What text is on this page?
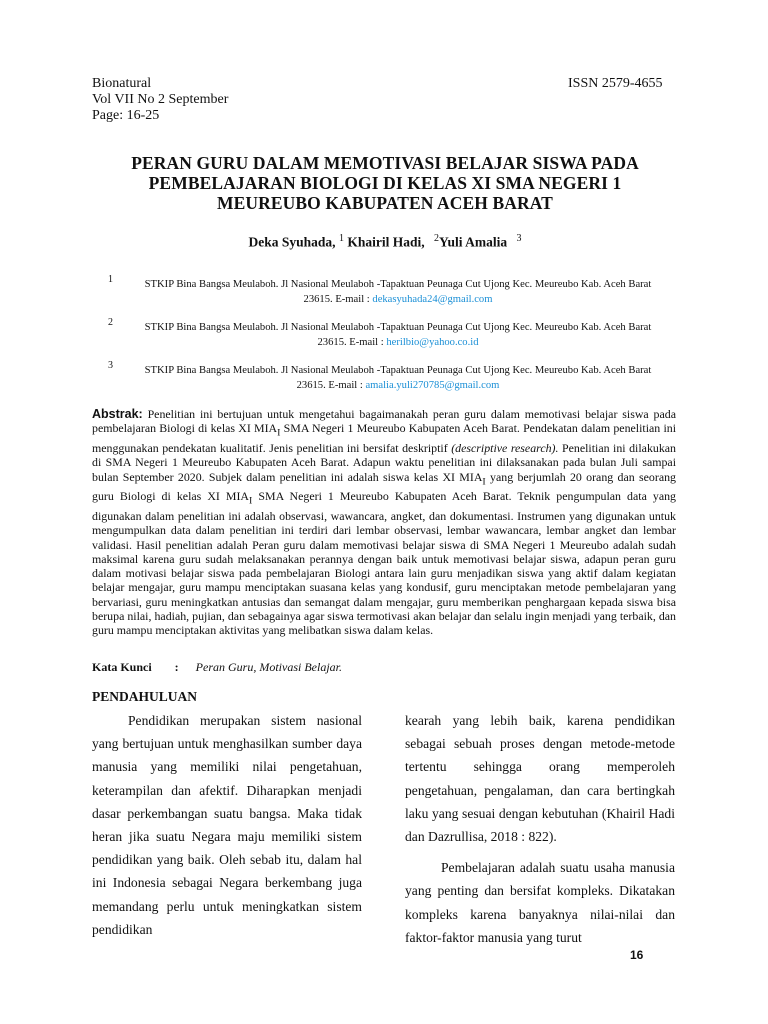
Bionatural
Vol VII No 2 September
Page: 16-25
ISSN 2579-4655
PERAN GURU DALAM MEMOTIVASI BELAJAR SISWA PADA
PEMBELAJARAN BIOLOGI DI KELAS XI SMA NEGERI 1
MEUREUBO KABUPATEN ACEH BARAT
Deka Syuhada, $^1$ Khairil Hadi, $^2$Yuli Amalia $^3$
1	STKIP Bina Bangsa Meulaboh. Jl Nasional Meulaboh -Tapaktuan Peunaga Cut Ujong Kec. Meureubo Kab. Aceh Barat
23615. E-mail : dekasyuhada24@gmail.com
2	STKIP Bina Bangsa Meulaboh. Jl Nasional Meulaboh -Tapaktuan Peunaga Cut Ujong Kec. Meureubo Kab. Aceh Barat
23615. E-mail : herilbio@yahoo.co.id
3	STKIP Bina Bangsa Meulaboh. Jl Nasional Meulaboh -Tapaktuan Peunaga Cut Ujong Kec. Meureubo Kab. Aceh Barat
23615. E-mail : amalia.yuli270785@gmail.com
Abstrak: Penelitian ini bertujuan untuk mengetahui bagaimanakah peran guru dalam memotivasi belajar siswa pada pembelajaran Biologi di kelas XI $MIA_I$ SMA Negeri 1 Meureubo Kabupaten Aceh Barat. Pendekatan dalam penelitian ini menggunakan pendekatan kualitatif. Jenis penelitian ini bersifat deskriptif (descriptive research). Penelitian ini dilakukan di SMA Negeri 1 Meureubo Kabupaten Aceh Barat. Adapun waktu penelitian ini dilaksanakan pada bulan Juli sampai bulan September 2020. Subjek dalam penelitian ini adalah siswa kelas XI $MIA_I$ yang berjumlah 20 orang dan seorang guru Biologi di kelas XI $MIA_I$ SMA Negeri 1 Meureubo Kabupaten Aceh Barat. Teknik pengumpulan data yang digunakan dalam penelitian ini adalah observasi, wawancara, angket, dan dokumentasi. Instrumen yang digunakan untuk mengumpulkan data dalam penelitian ini terdiri dari lembar observasi, lembar wawancara, lembar angket dan lembar validasi. Hasil penelitian adalah Peran guru dalam memotivasi belajar siswa di SMA Negeri 1 Meureubo adalah sudah maksimal karena guru sudah melaksanakan perannya dengan baik untuk memotivasi belajar siswa, adapun peran guru dalam motivasi belajar siswa pada pembelajaran Biologi antara lain guru menjadikan siswa yang aktif dalam kegiatan belajar mengajar, guru mampu menciptakan suasana kelas yang kondusif, guru menciptakan metode pembelajaran yang bervariasi, guru meningkatkan antusias dan semangat dalam mengajar, guru memberikan penghargaan kepada siswa bisa berupa nilai, hadiah, pujian, dan sebagainya agar siswa termotivasi akan belajar dan selalu ingin menjadi yang terbaik, dan guru mampu menciptakan aktivitas yang melibatkan siswa dalam kelas.
Kata Kunci : Peran Guru, Motivasi Belajar.
PENDAHULUAN

Pendidikan merupakan sistem nasional yang bertujuan untuk menghasilkan sumber daya manusia yang memiliki nilai pengetahuan, keterampilan dan afektif. Diharapkan menjadi dasar perkembangan suatu bangsa. Maka tidak heran jika suatu Negara maju memiliki sistem pendidikan yang baik. Oleh sebab itu, dalam hal ini Indonesia sebagai Negara berkembang juga memandang perlu untuk meningkatkan sistem pendidikan

kearah yang lebih baik, karena pendidikan sebagai sebuah proses dengan metode-metode tertentu sehingga orang memperoleh pengetahuan, pengalaman, dan cara bertingkah laku yang sesuai dengan kebutuhan (Khairil Hadi dan Dazrullisa, 2018 : 822).

Pembelajaran adalah suatu usaha manusia yang penting dan bersifat kompleks. Dikatakan kompleks karena banyaknya nilai-nilai dan faktor-faktor manusia yang turut

16
